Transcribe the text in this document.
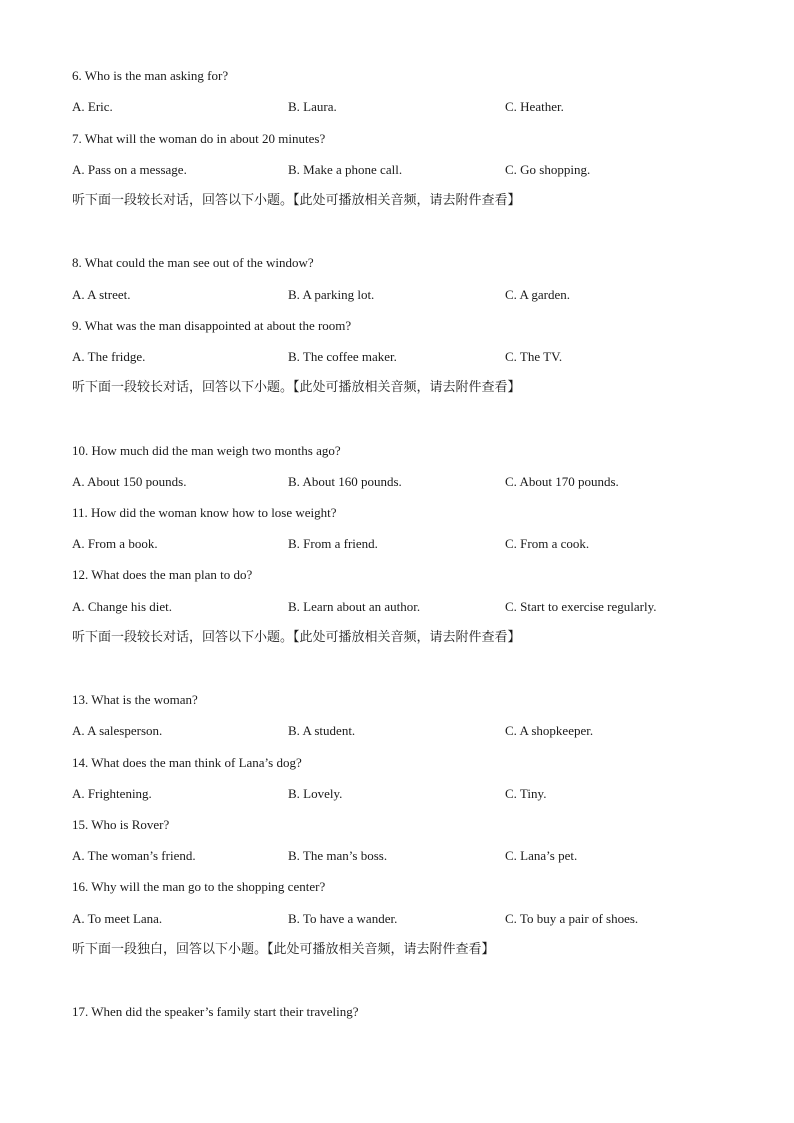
6. Who is the man asking for?
A. Eric.	B. Laura.	C. Heather.
7. What will the woman do in about 20 minutes?
A. Pass on a message.	B. Make a phone call.	C. Go shopping.
听下面一段较长对话，回答以下小题。【此处可播放相关音频，请去附件查看】
8. What could the man see out of the window?
A. A street.	B. A parking lot.	C. A garden.
9. What was the man disappointed at about the room?
A. The fridge.	B. The coffee maker.	C. The TV.
听下面一段较长对话，回答以下小题。【此处可播放相关音频，请去附件查看】
10. How much did the man weigh two months ago?
A. About 150 pounds.	B. About 160 pounds.	C. About 170 pounds.
11. How did the woman know how to lose weight?
A. From a book.	B. From a friend.	C. From a cook.
12. What does the man plan to do?
A. Change his diet.	B. Learn about an author.	C. Start to exercise regularly.
听下面一段较长对话，回答以下小题。【此处可播放相关音频，请去附件查看】
13. What is the woman?
A. A salesperson.	B. A student.	C. A shopkeeper.
14. What does the man think of Lana’s dog?
A. Frightening.	B. Lovely.	C. Tiny.
15. Who is Rover?
A. The woman’s friend.	B. The man’s boss.	C. Lana’s pet.
16. Why will the man go to the shopping center?
A. To meet Lana.	B. To have a wander.	C. To buy a pair of shoes.
听下面一段独白，回答以下小题。【此处可播放相关音频，请去附件查看】
17. When did the speaker’s family start their traveling?
